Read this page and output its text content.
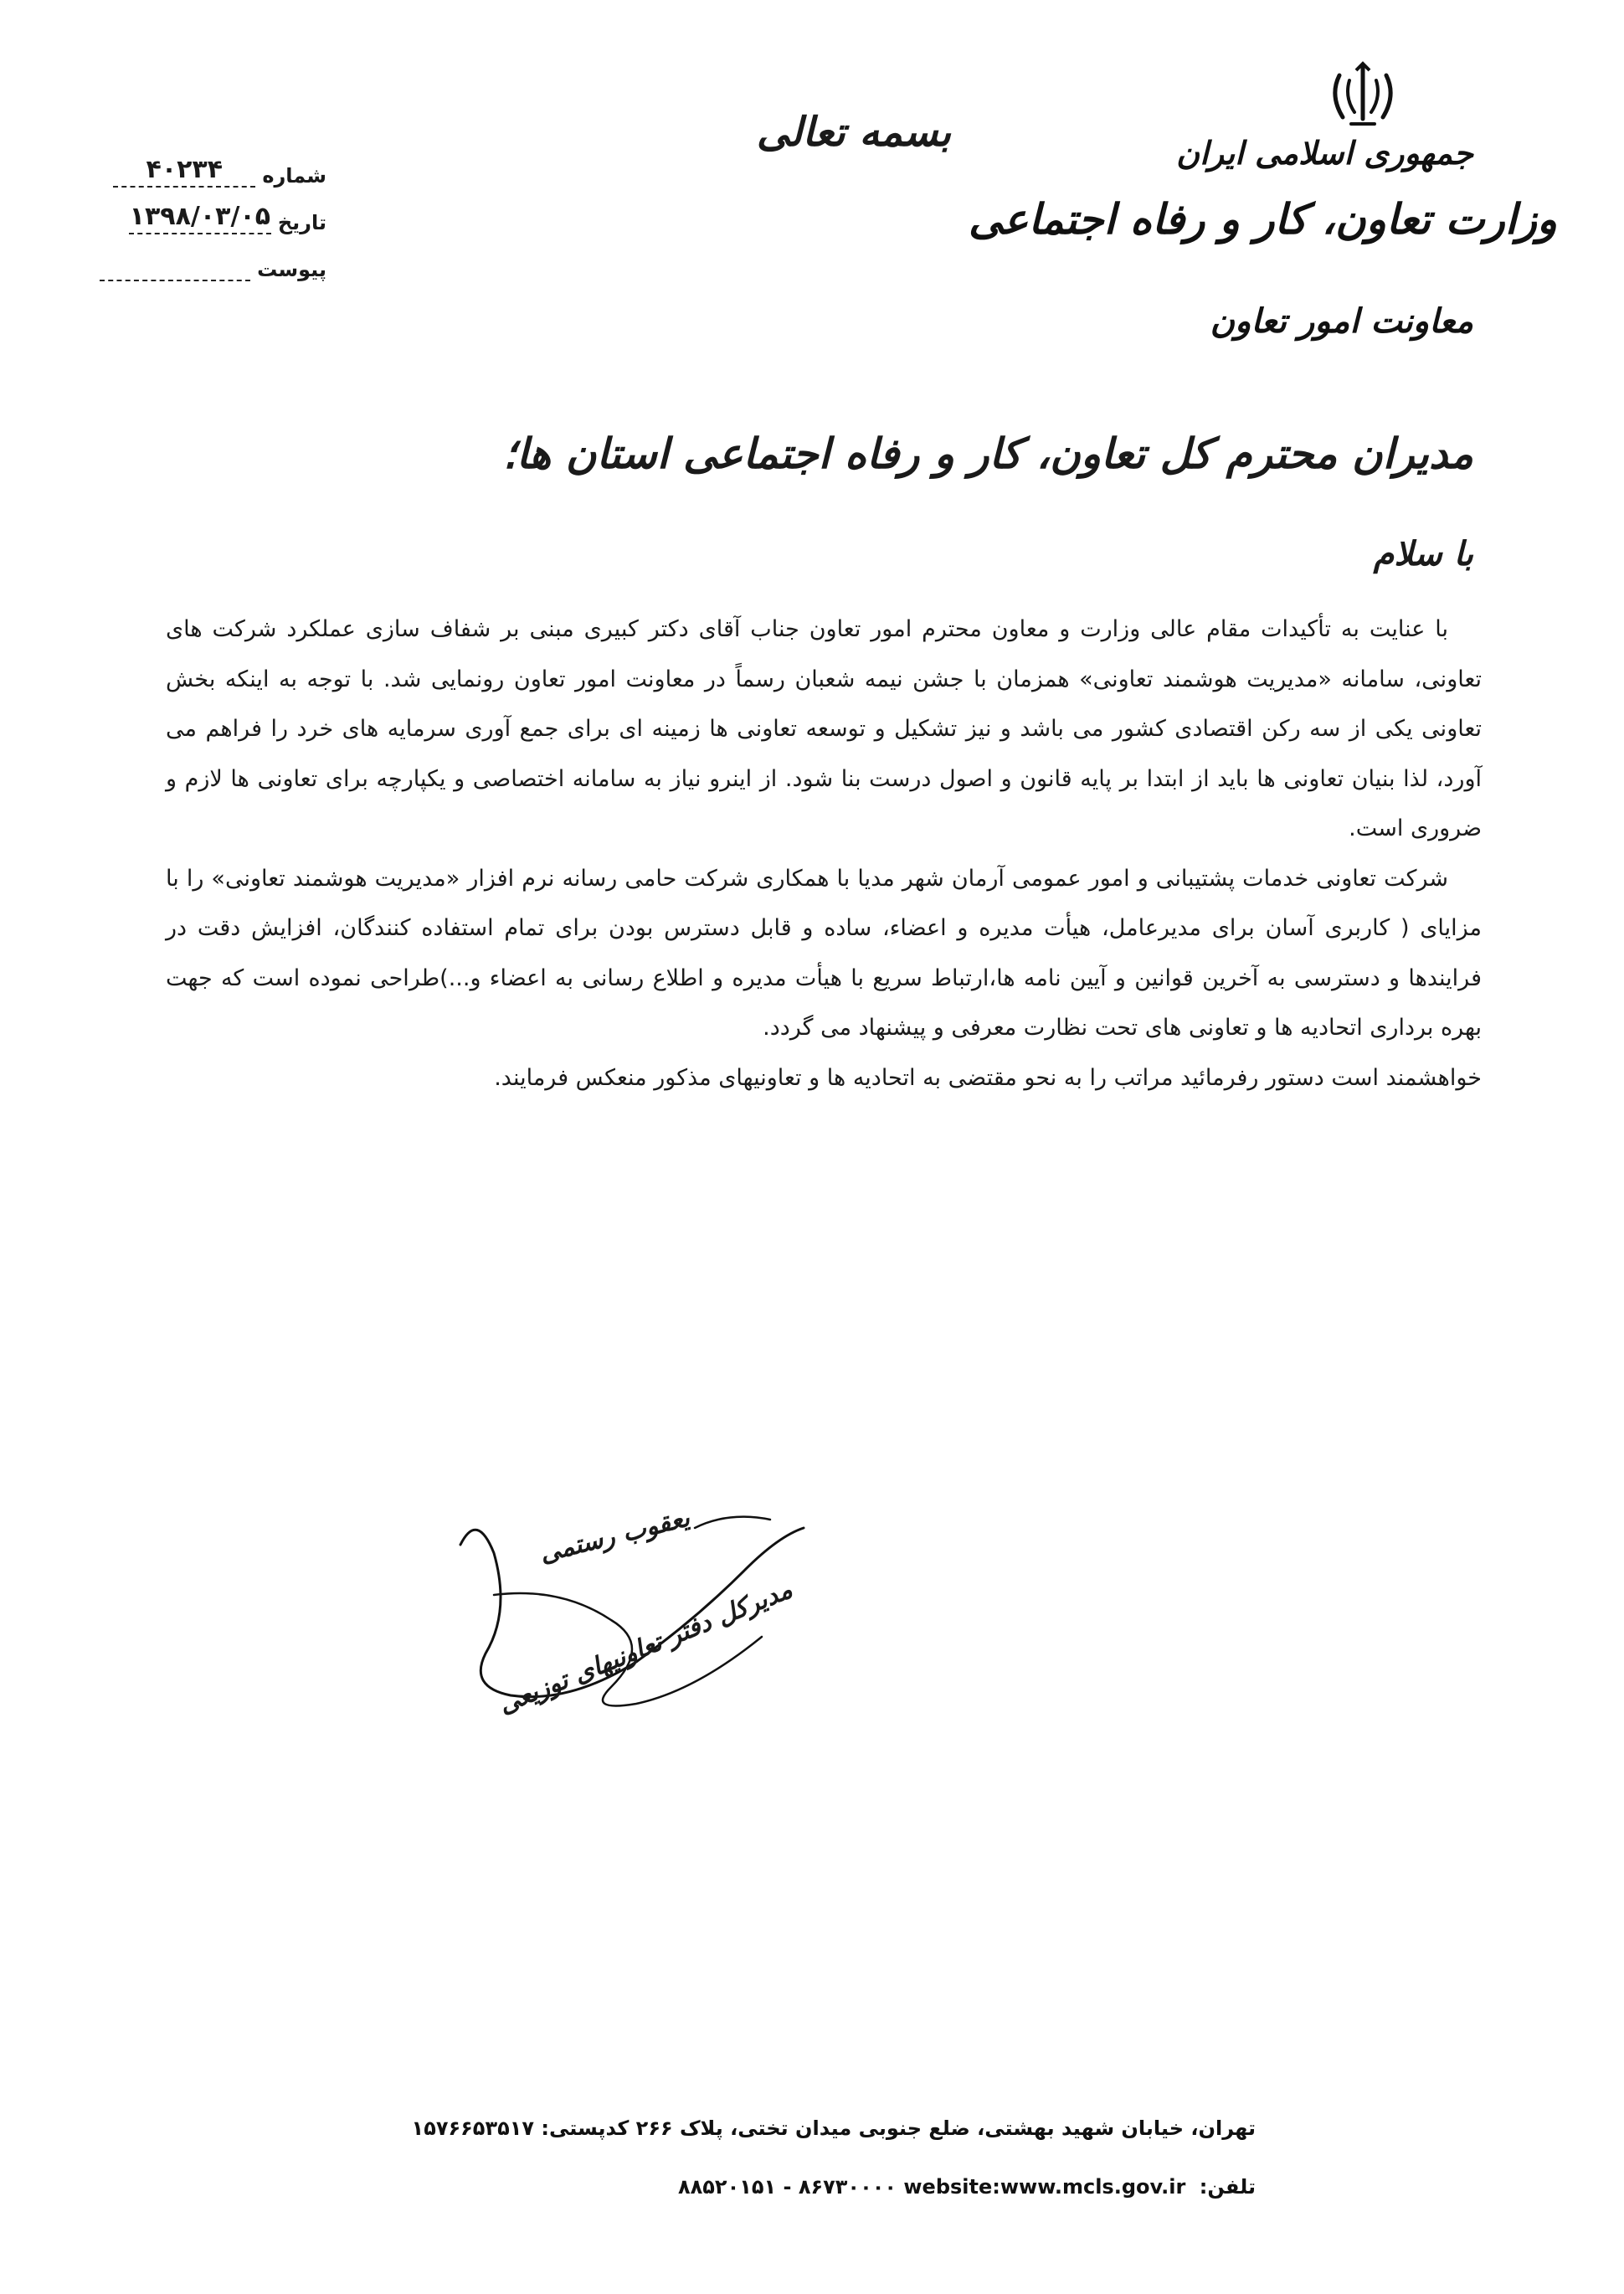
جمهوری اسلامی ایران
وزارت تعاون، کار و رفاه اجتماعی
معاونت امور تعاون
بسمه تعالی
شماره
۴۰۲۳۴
تاریخ
۱۳۹۸/۰۳/۰۵
پیوست
مدیران محترم کل تعاون، کار و رفاه اجتماعی استان ها؛
با سلام

با عنایت به تأکیدات مقام عالی وزارت و معاون محترم امور تعاون جناب آقای دکتر کبیری مبنی بر شفاف سازی عملکرد شرکت های تعاونی، سامانه «مدیریت هوشمند تعاونی» همزمان با جشن نیمه شعبان رسماً در معاونت امور تعاون رونمایی شد. با توجه به اینکه بخش تعاونی یکی از سه رکن اقتصادی کشور می باشد و نیز تشکیل و توسعه تعاونی ها زمینه ای برای جمع آوری سرمایه های خرد را فراهم می آورد، لذا بنیان تعاونی ها باید از ابتدا بر پایه قانون و اصول درست بنا شود. از اینرو نیاز به سامانه اختصاصی و یکپارچه برای تعاونی ها لازم و ضروری است.

شرکت تعاونی خدمات پشتیبانی و امور عمومی آرمان شهر مدیا با همکاری شرکت حامی رسانه نرم افزار «مدیریت هوشمند تعاونی» را با مزایای ( کاربری آسان برای مدیرعامل، هیأت مدیره و اعضاء، ساده و قابل دسترس بودن برای تمام استفاده کنندگان، افزایش دقت در فرایندها و دسترسی به آخرین قوانین و آیین نامه ها،ارتباط سریع با هیأت مدیره و اطلاع رسانی به اعضاء و...)طراحی نموده است که جهت بهره برداری اتحادیه ها و تعاونی های تحت نظارت معرفی و پیشنهاد می گردد.

خواهشمند است دستور رفرمائید مراتب را به نحو مقتضی به اتحادیه ها و تعاونیهای مذکور منعکس فرمایند.

یعقوب رستمی
مدیرکل دفتر تعاونیهای توزیعی
تهران، خیابان شهید بهشتی، ضلع جنوبی میدان تختی، پلاک ۲۶۶ کدپستی: ۱۵۷۶۶۵۳۵۱۷
تلفن: ۸۸۵۲۰۱۵۱ - ۸۶۷۳۰۰۰۰ website:www.mcls.gov.ir
